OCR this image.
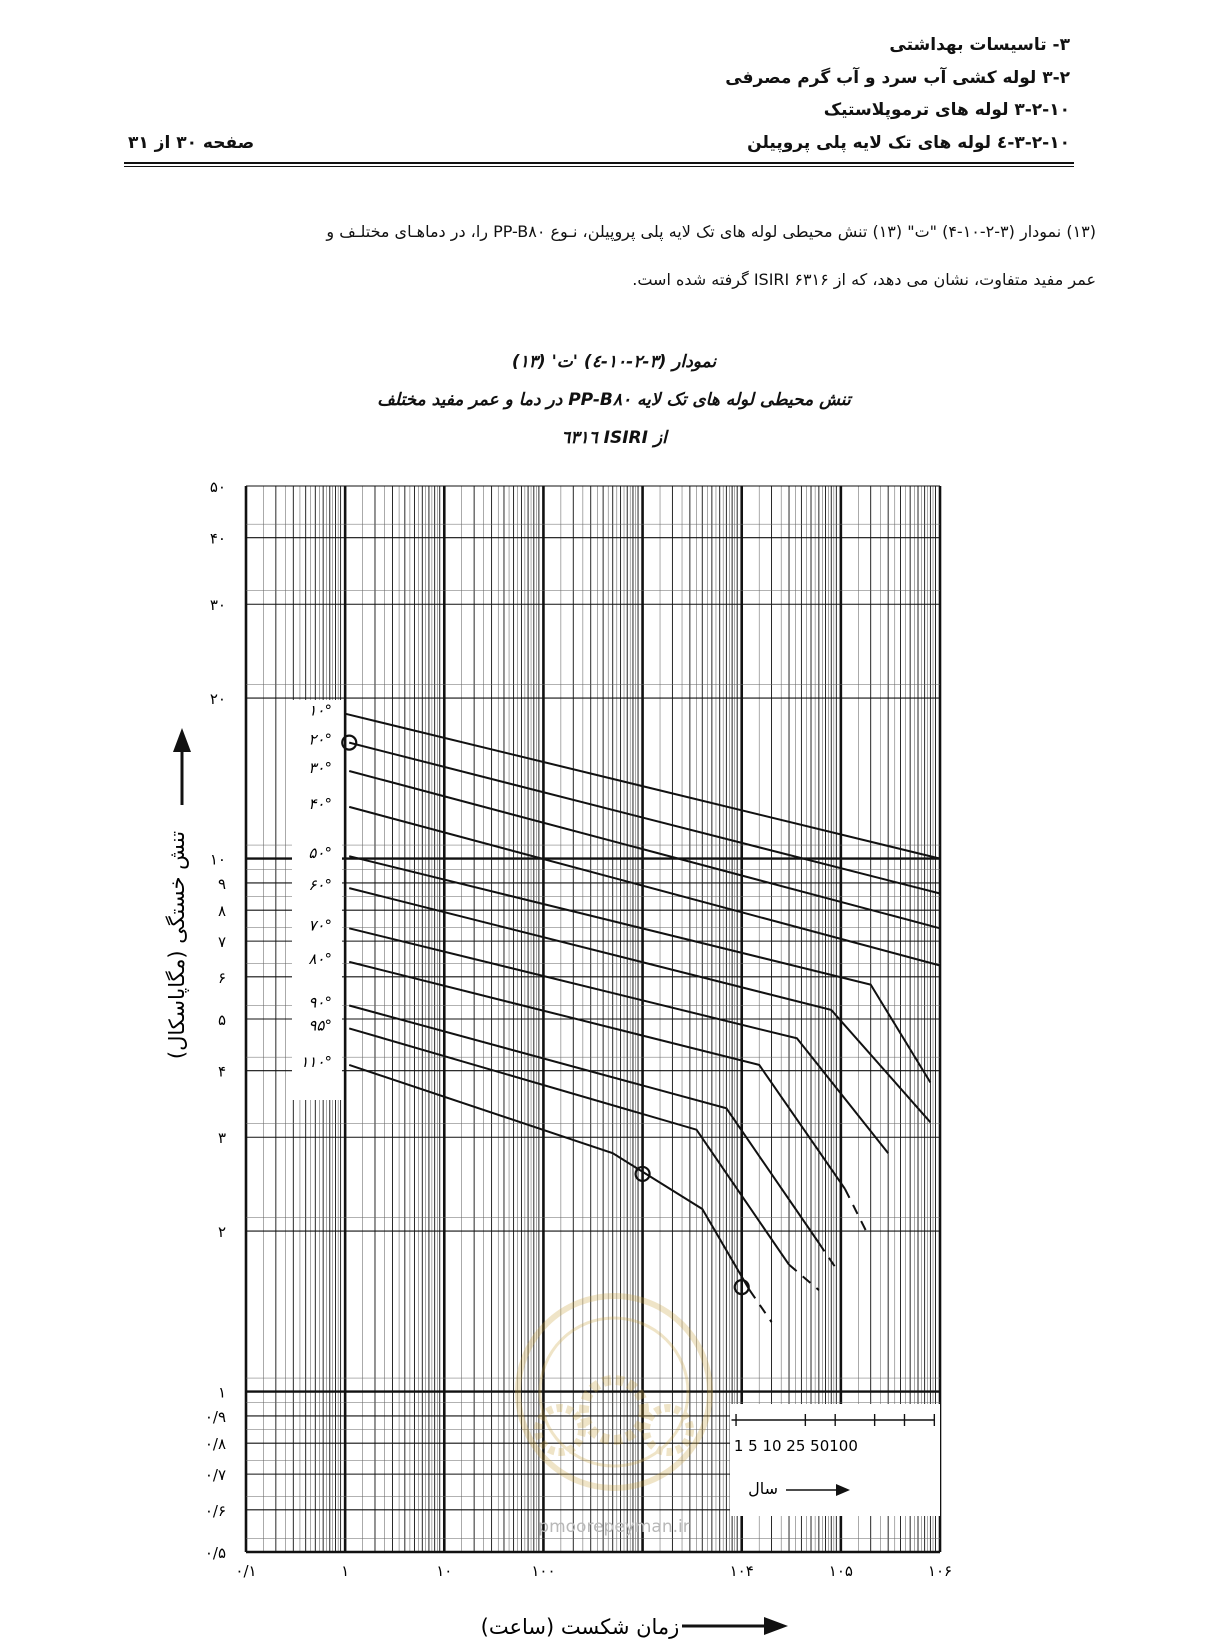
۳- تاسیسات بهداشتی
۳-۲ لوله کشی آب سرد و آب گرم مصرفی
۳-۲-۱۰ لوله های ترموپلاستیک
۳-۲-۱۰-٤ لوله های تک لایه پلی پروپیلن
صفحه ۳۰ از ۳۱
(۱۳) نمودار (۳-۲-۱۰-۴) "ت" (۱۳) تنش محیطی لوله های تک لایه پلی پروپیلن، نـوع PP-B۸۰ را، در دماهـای مختلـف و
عمر مفید متفاوت، نشان می دهد، که از ISIRI ۶۳۱۶ گرفته شده است.
نمودار (۳-۲-۱۰-٤) 'ت' (۱۳)
تنش محیطی لوله های تک لایه PP-B۸۰ در دما و عمر مفید مختلف
از ISIRI ٦٣١٦
۱۰°
۲۰°
۳۰°
۴۰°
۵۰°
۶۰°
۷۰°
۸۰°
۹۰°
۹۵°
۱۱۰°
۰/۵
۰/۶
۰/۷
۰/۸
۰/۹
۱
۲
۳
۴
۵
۶
۷
۸
۹
۱۰
۲۰
۳۰
۴۰
۵۰
۰/۱	۱	۱۰	۱۰۰	۱۰۴	۱۰۵	۱۰۶
1 5 10 25 50100
سال
pmoorepeyman.ir
تنش خستگی (مگاپاسکال)
زمان شکست (ساعت)
